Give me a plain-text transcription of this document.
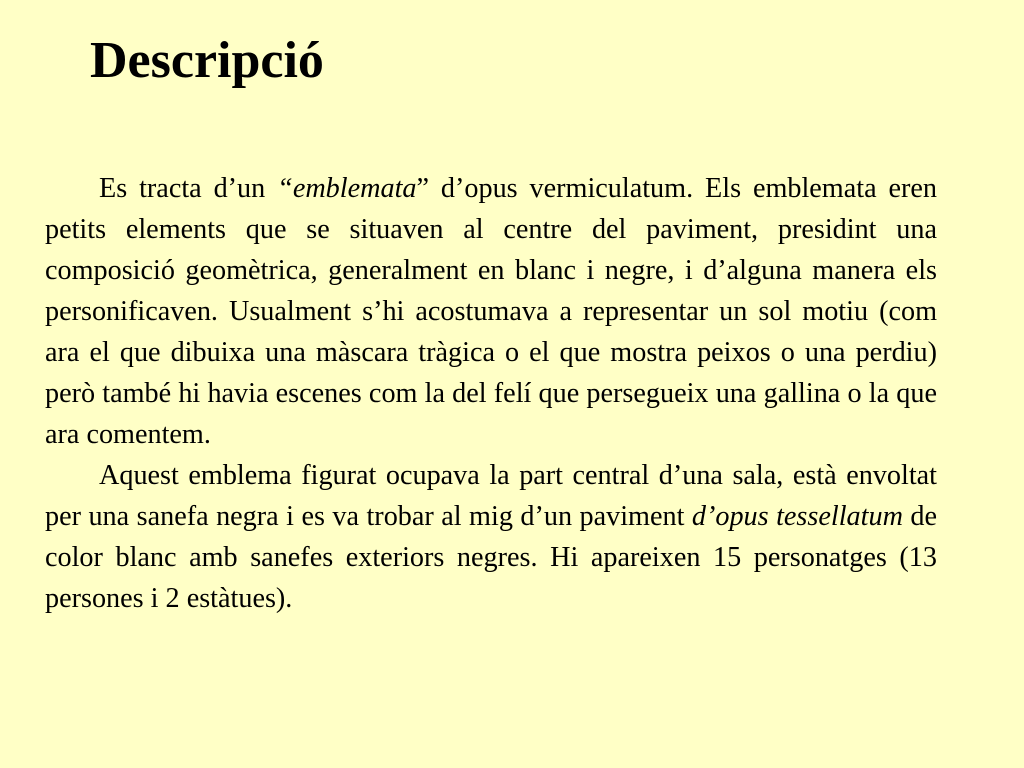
Descripció

Es tracta d’un “emblemata” d’opus vermiculatum. Els emblemata eren petits elements que se situaven al centre del paviment, presidint una composició geomètrica, generalment en blanc i negre, i d’alguna manera els personificaven. Usualment s’hi acostumava a representar un sol motiu (com ara el que dibuixa una màscara tràgica o el que mostra peixos o una perdiu) però també hi havia escenes com la del felí que persegueix una gallina o la que ara comentem.

Aquest emblema figurat ocupava la part central d’una sala, està envoltat per una sanefa negra i es va trobar al mig d’un paviment d’opus tessellatum de color blanc amb sanefes exteriors negres. Hi apareixen 15 personatges (13 persones i 2 estàtues).
